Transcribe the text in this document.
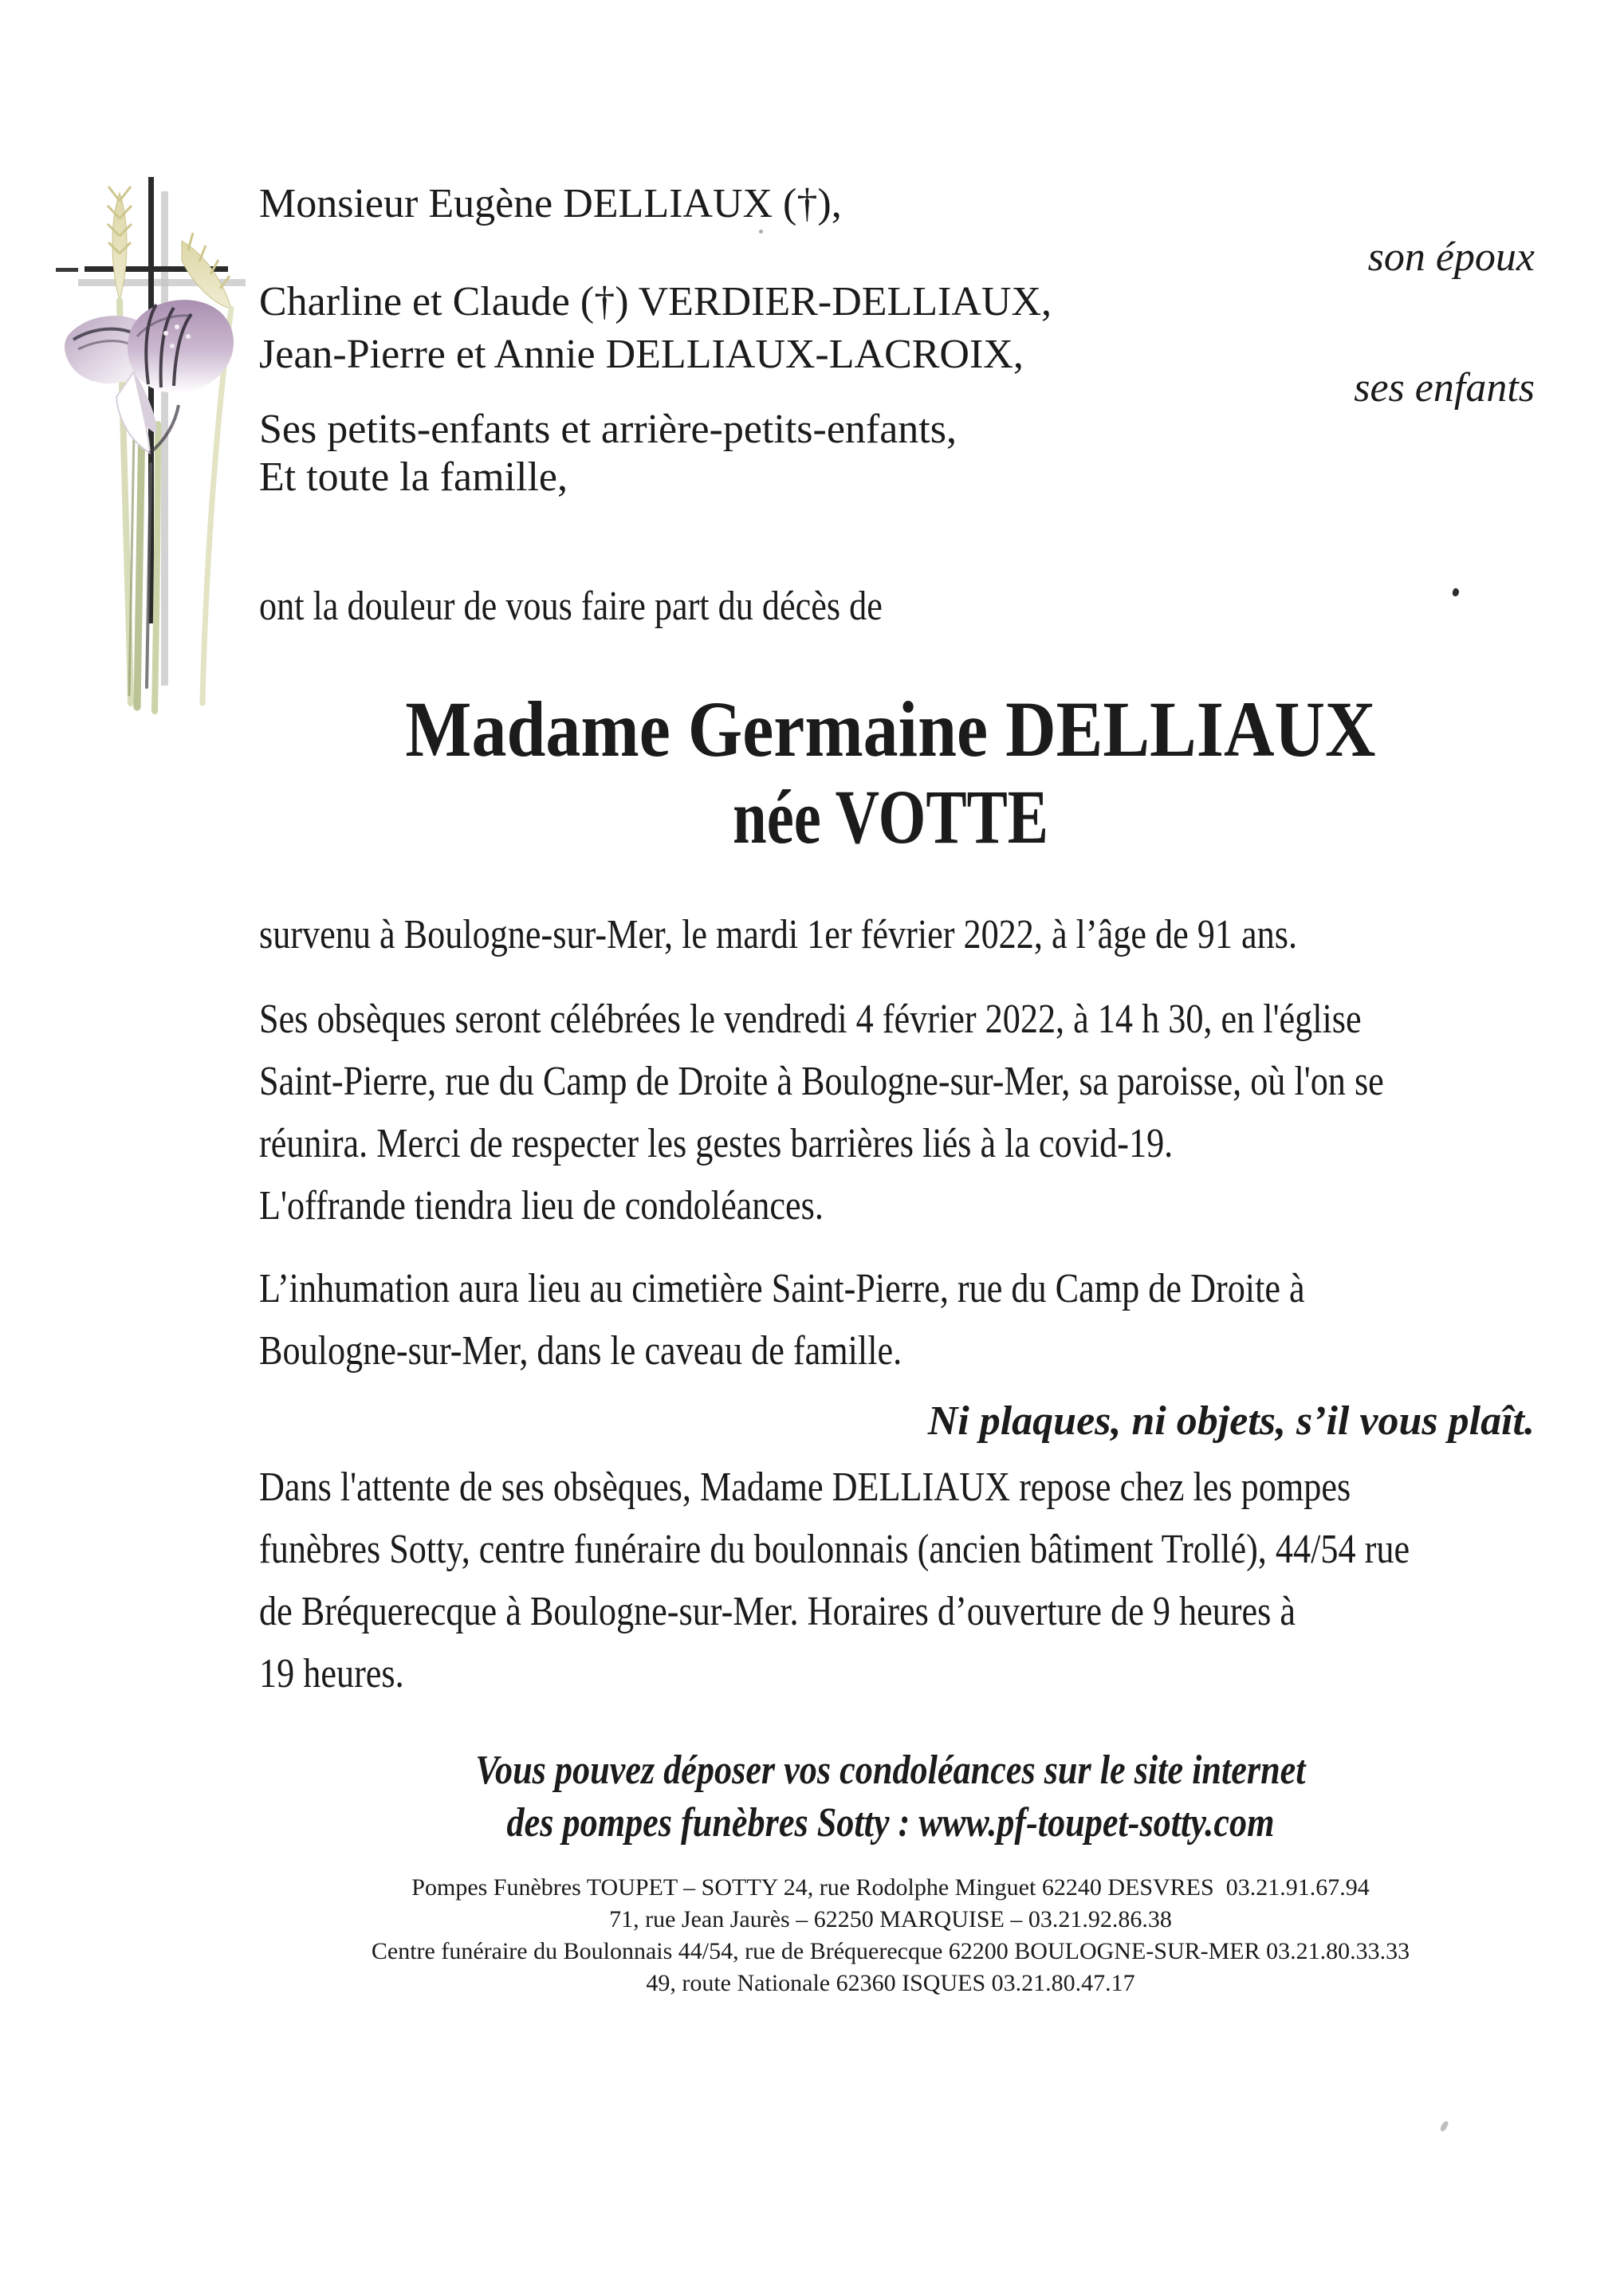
Monsieur Eugène DELLIAUX (†),
son époux
Charline et Claude (†) VERDIER-DELLIAUX,
Jean-Pierre et Annie DELLIAUX-LACROIX,
ses enfants
Ses petits-enfants et arrière-petits-enfants,
Et toute la famille,
ont la douleur de vous faire part du décès de
Madame Germaine DELLIAUX
née VOTTE
survenu à Boulogne-sur-Mer, le mardi 1er février 2022, à l’âge de 91 ans.
Ses obsèques seront célébrées le vendredi 4 février 2022, à 14 h 30, en l'église
Saint-Pierre, rue du Camp de Droite à Boulogne-sur-Mer, sa paroisse, où l'on se
réunira. Merci de respecter les gestes barrières liés à la covid-19.
L'offrande tiendra lieu de condoléances.
L’inhumation aura lieu au cimetière Saint-Pierre, rue du Camp de Droite à
Boulogne-sur-Mer, dans le caveau de famille.
Ni plaques, ni objets, s’il vous plaît.
Dans l'attente de ses obsèques, Madame DELLIAUX repose chez les pompes
funèbres Sotty, centre funéraire du boulonnais (ancien bâtiment Trollé), 44/54 rue
de Bréquerecque à Boulogne-sur-Mer. Horaires d’ouverture de 9 heures à
19 heures.
Vous pouvez déposer vos condoléances sur le site internet
des pompes funèbres Sotty : www.pf-toupet-sotty.com
Pompes Funèbres TOUPET – SOTTY 24, rue Rodolphe Minguet 62240 DESVRES  03.21.91.67.94
71, rue Jean Jaurès – 62250 MARQUISE – 03.21.92.86.38
Centre funéraire du Boulonnais 44/54, rue de Bréquerecque 62200 BOULOGNE-SUR-MER 03.21.80.33.33
49, route Nationale 62360 ISQUES 03.21.80.47.17
